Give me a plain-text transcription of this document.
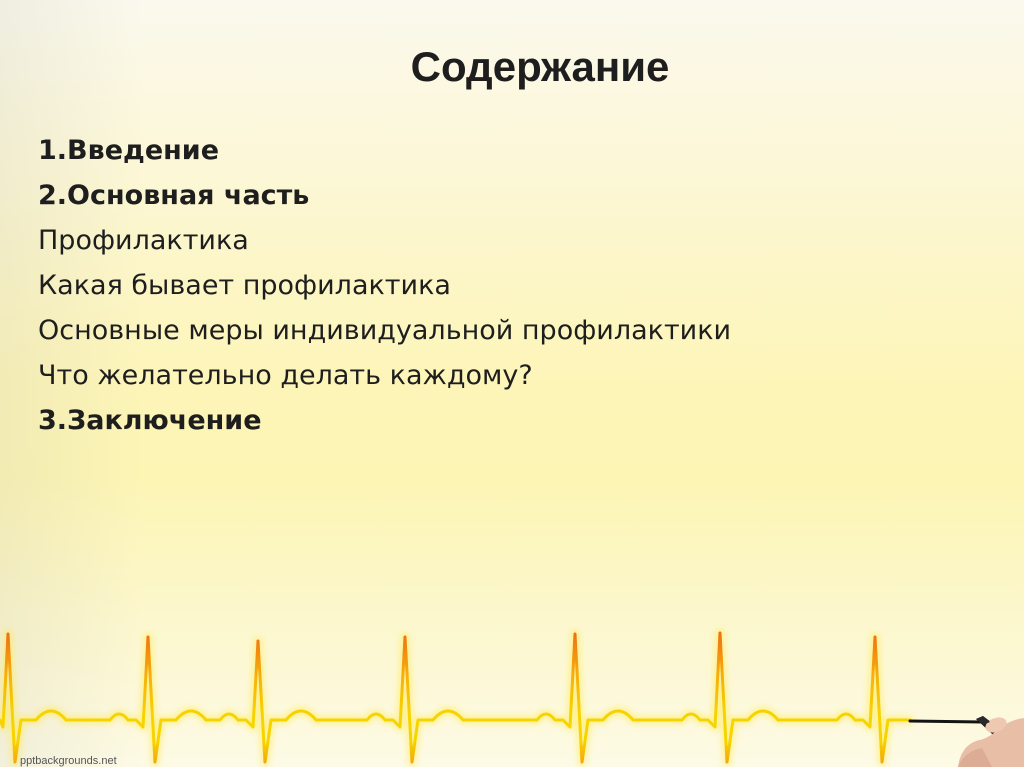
Содержание
1.Введение
2.Основная часть
Профилактика
Какая бывает профилактика
Основные меры индивидуальной профилактики
Что желательно делать каждому?
3.Заключение
pptbackgrounds.net
